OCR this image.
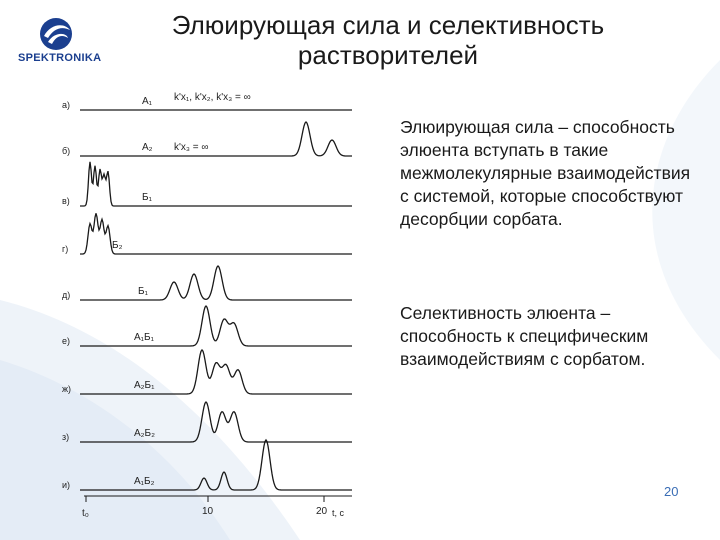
SPEKTRONIKA
Элюирующая сила и селективность
растворителей
а)	A₁
б)	A₂
в)	Б₁
г)	Б₂
д)	Б₁
е)	A₁Б₁
ж)	A₂Б₁
з)	A₂Б₂
и)	A₁Б₂
t₀	10	20 t, c
k'x₁, k'x₂, k'x₃ = ∞
k'x₃ = ∞
Элюирующая сила – способность элюента вступать в такие межмолекулярные взаимодействия с системой, которые способствуют десорбции сорбата.
Селективность элюента – способность к специфическим взаимодействиям с сорбатом.
20
